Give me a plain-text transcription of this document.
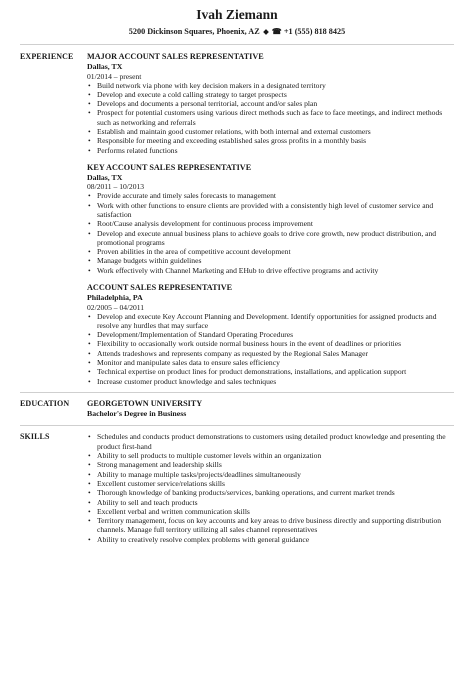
Ivah Ziemann
5200 Dickinson Squares, Phoenix, AZ ☎ +1 (555) 818 8425
EXPERIENCE MAJOR ACCOUNT SALES REPRESENTATIVE
Dallas, TX
01/2014 – present
• Build network via phone with key decision makers in a designated territory
• Develop and execute a cold calling strategy to target prospects
• Develops and documents a personal territorial, account and/or sales plan
• Prospect for potential customers using various direct methods such as face to face meetings, and indirect methods such as networking and referrals
• Establish and maintain good customer relations, with both internal and external customers
• Responsible for meeting and exceeding established sales gross profits in a monthly basis
• Performs related functions
KEY ACCOUNT SALES REPRESENTATIVE
Dallas, TX
08/2011 – 10/2013
• Provide accurate and timely sales forecasts to management
• Work with other functions to ensure clients are provided with a consistently high level of customer service and satisfaction
• Root/Cause analysis development for continuous process improvement
• Develop and execute annual business plans to achieve goals to drive core growth, new product distribution, and promotional programs
• Proven abilities in the area of competitive account development
• Manage budgets within guidelines
• Work effectively with Channel Marketing and EHub to drive effective programs and activity
ACCOUNT SALES REPRESENTATIVE
Philadelphia, PA
02/2005 – 04/2011
• Develop and execute Key Account Planning and Development. Identify opportunities for assigned products and resolve any hurdles that may surface
• Development/Implementation of Standard Operating Procedures
• Flexibility to occasionally work outside normal business hours in the event of deadlines or priorities
• Attends tradeshows and represents company as requested by the Regional Sales Manager
• Monitor and manipulate sales data to ensure sales efficiency
• Technical expertise on product lines for product demonstrations, installations, and application support
• Increase customer product knowledge and sales techniques
EDUCATION GEORGETOWN UNIVERSITY
Bachelor's Degree in Business
SKILLS
•	Schedules and conducts product demonstrations to customers using detailed product knowledge and presenting the product first-hand
• Ability to sell products to multiple customer levels within an organization
• Strong management and leadership skills
• Ability to manage multiple tasks/projects/deadlines simultaneously
• Excellent customer service/relations skills
• Thorough knowledge of banking products/services, banking operations, and current market trends
• Ability to sell and teach products
• Excellent verbal and written communication skills
• Territory management, focus on key accounts and key areas to drive business directly and supporting distribution channels. Manage full territory utilizing all sales channel representatives
• Ability to creatively resolve complex problems with general guidance
